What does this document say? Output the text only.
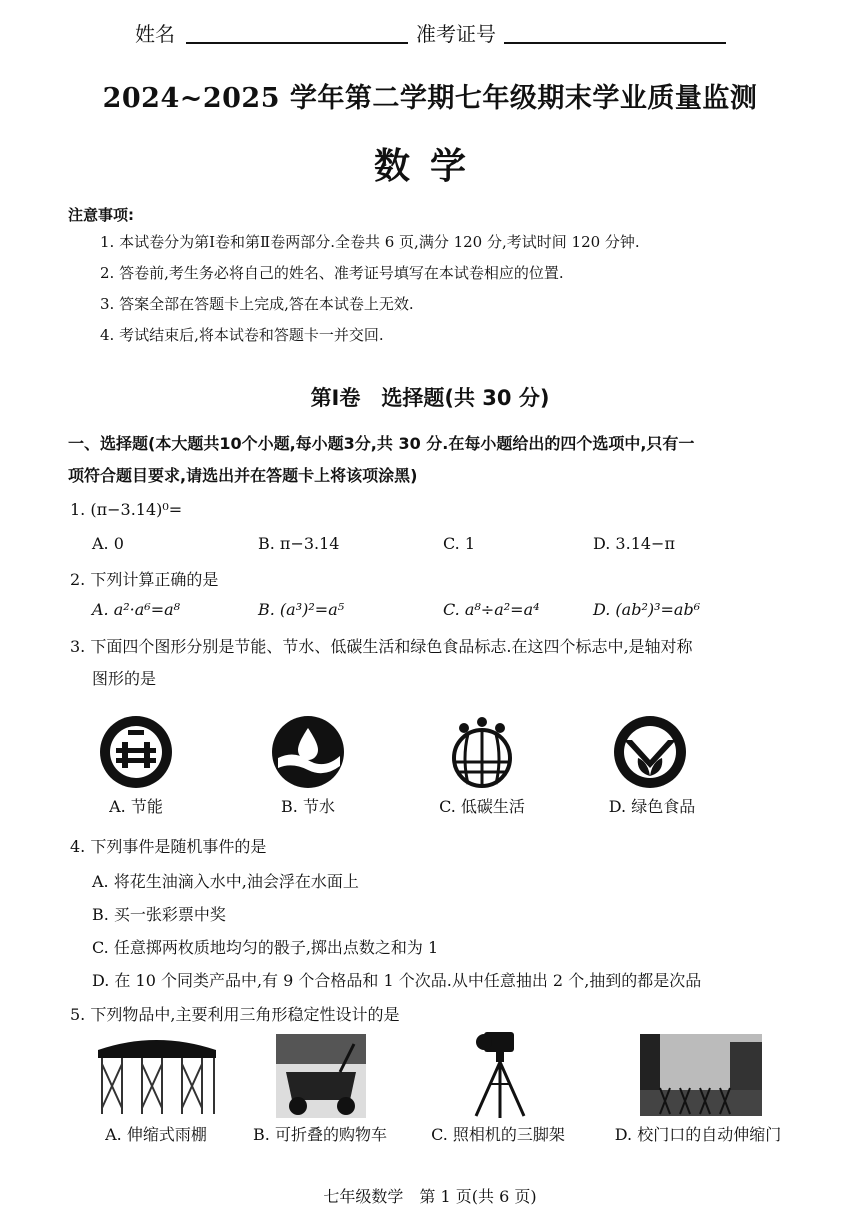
姓名	准考证号
2024~2025 学年第二学期七年级期末学业质量监测
数学
注意事项:
1. 本试卷分为第Ⅰ卷和第Ⅱ卷两部分.全卷共 6 页,满分 120 分,考试时间 120 分钟.
2. 答卷前,考生务必将自己的姓名、准考证号填写在本试卷相应的位置.
3. 答案全部在答题卡上完成,答在本试卷上无效.
4. 考试结束后,将本试卷和答题卡一并交回.
第Ⅰ卷　选择题(共 30 分)
一、选择题(本大题共10个小题,每小题3分,共 30 分.在每小题给出的四个选项中,只有一
项符合题目要求,请选出并在答题卡上将该项涂黑)
1. (π−3.14)⁰=
A. 0	B. π−3.14	C. 1	D. 3.14−π
2. 下列计算正确的是
A. a²·a⁶=a⁸	B. (a³)²=a⁵	C. a⁸÷a²=a⁴	D. (ab²)³=ab⁶
3. 下面四个图形分别是节能、节水、低碳生活和绿色食品标志.在这四个标志中,是轴对称
图形的是
A. 节能	B. 节水	C. 低碳生活	D. 绿色食品
4. 下列事件是随机事件的是
A. 将花生油滴入水中,油会浮在水面上
B. 买一张彩票中奖
C. 任意掷两枚质地均匀的骰子,掷出点数之和为 1
D. 在 10 个同类产品中,有 9 个合格品和 1 个次品.从中任意抽出 2 个,抽到的都是次品
5. 下列物品中,主要利用三角形稳定性设计的是
A. 伸缩式雨棚	B. 可折叠的购物车	C. 照相机的三脚架	D. 校门口的自动伸缩门
七年级数学　第 1 页(共 6 页)
